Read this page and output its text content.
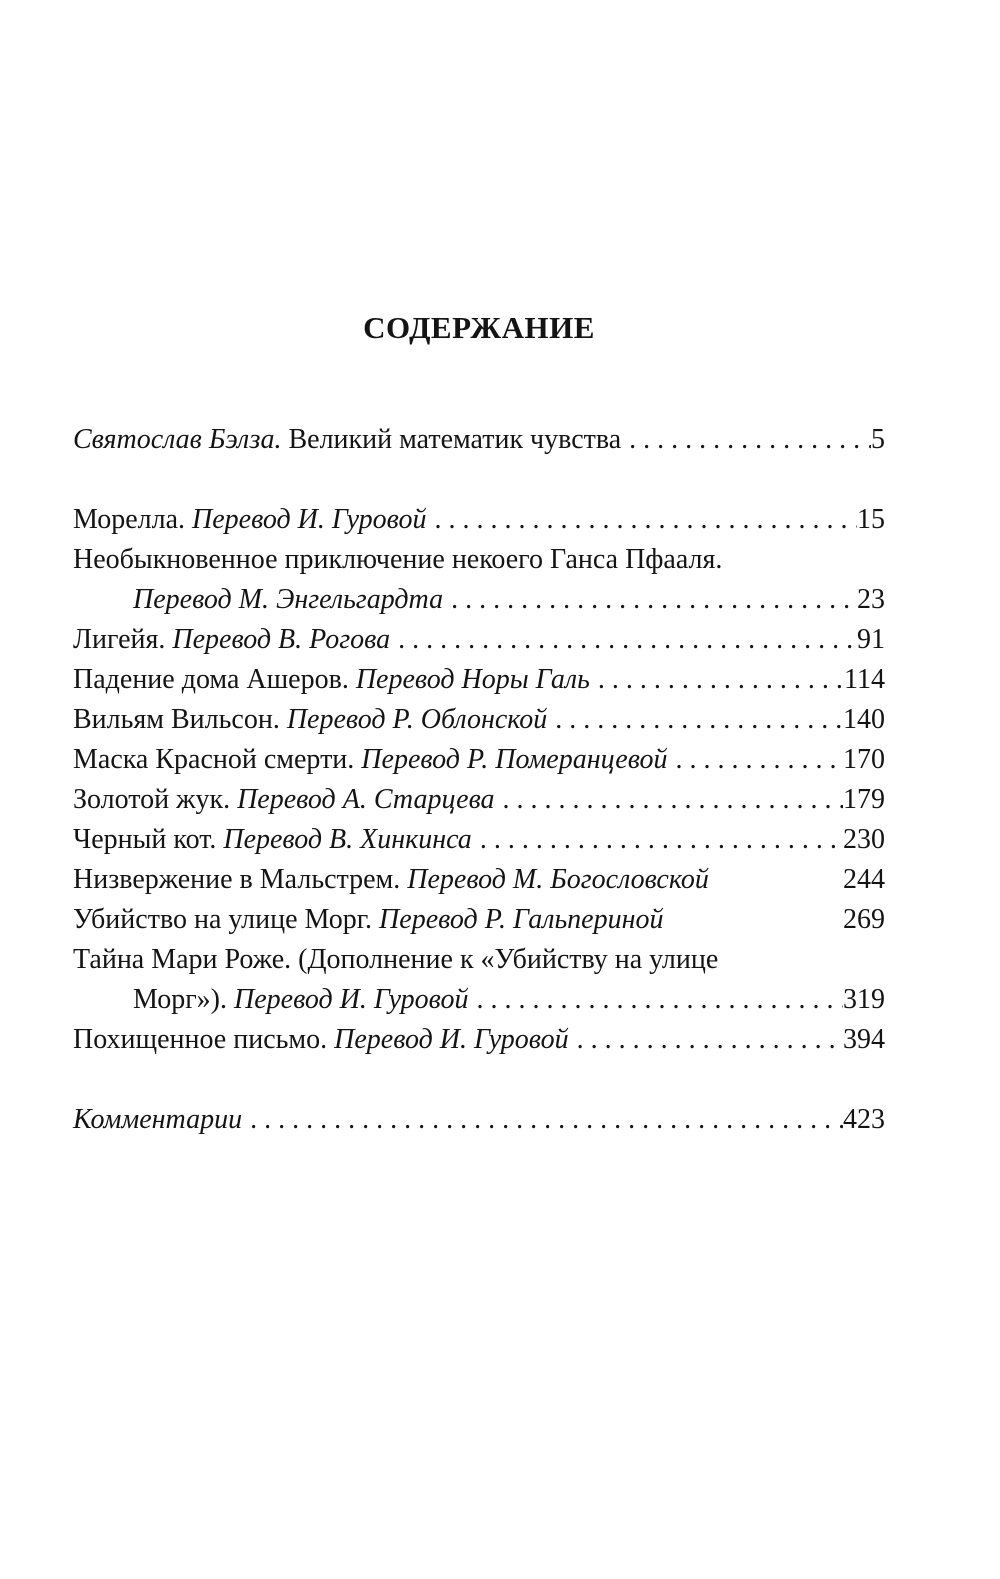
СОДЕРЖАНИЕ
Святослав Бэлза. Великий математик чувства . . .	5
Морелла. Перевод И. Гуровой . . .	15
Необыкновенное приключение некоего Ганса Пфааля.
Перевод М. Энгельгардта . . .	23
Лигейя. Перевод В. Рогова . . .	91
Падение дома Ашеров. Перевод Норы Галь . . .	114
Вильям Вильсон. Перевод Р. Облонской . . .	140
Маска Красной смерти. Перевод Р. Померанцевой . . .	170
Золотой жук. Перевод А. Старцева . . .	179
Черный кот. Перевод В. Хинкинса . . .	230
Низвержение в Мальстрем. Перевод М. Богословской	244
Убийство на улице Морг. Перевод Р. Гальпериной	269
Тайна Мари Роже. (Дополнение к «Убийству на улице
Морг»). Перевод И. Гуровой . . .	319
Похищенное письмо. Перевод И. Гуровой . . .	394
Комментарии . . .	423
